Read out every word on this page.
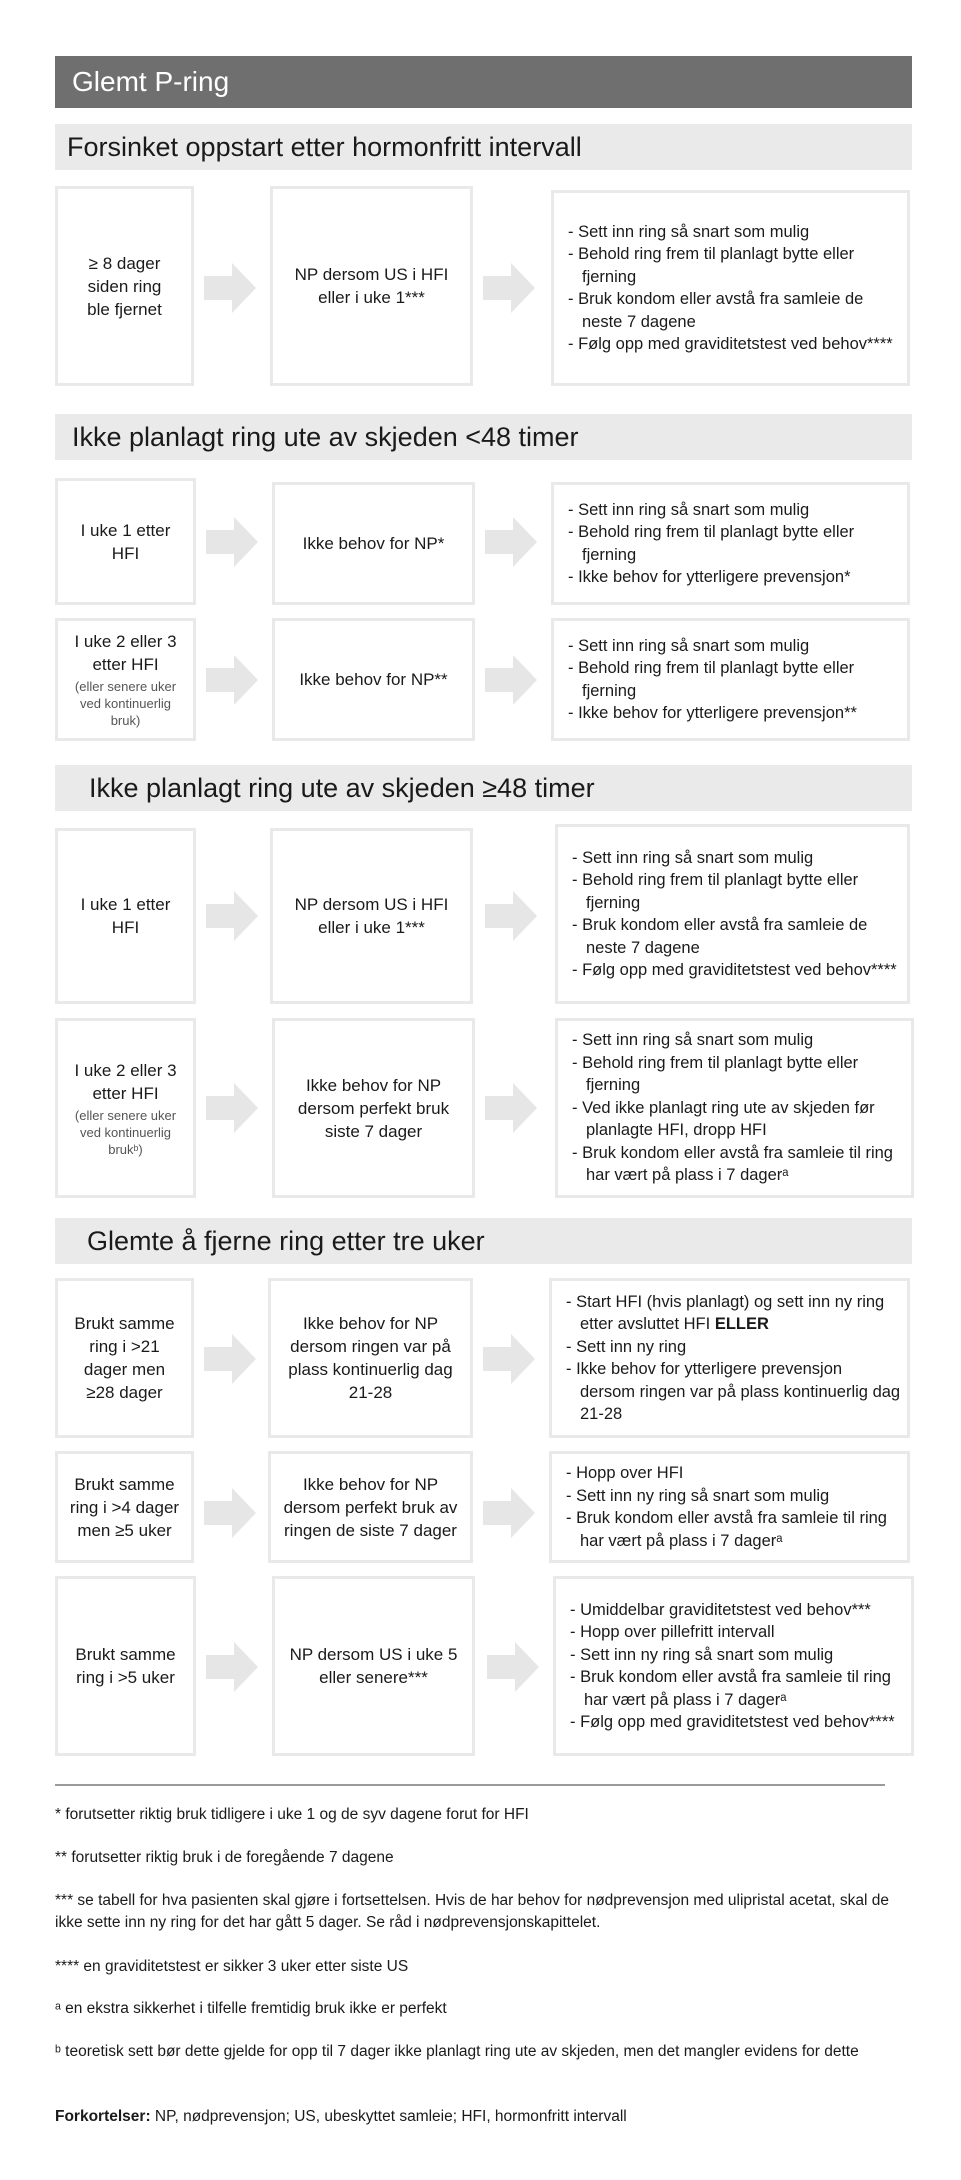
Glemt P-ring
Forsinket oppstart etter hormonfritt intervall
≥ 8 dager siden ring ble fjernet
NP dersom US i HFI eller i uke 1***
- Sett inn ring så snart som mulig
- Behold ring frem til planlagt bytte eller fjerning
- Bruk kondom eller avstå fra samleie de neste 7 dagene
- Følg opp med graviditetstest ved behov****
Ikke planlagt ring ute av skjeden <48 timer
I uke 1 etter HFI	Ikke behov for NP*
- Sett inn ring så snart som mulig
- Behold ring frem til planlagt bytte eller fjerning
- Ikke behov for ytterligere prevensjon*
I uke 2 eller 3 etter HFI
(eller senere uker ved kontinuerlig bruk)
Ikke behov for NP**
- Sett inn ring så snart som mulig
- Behold ring frem til planlagt bytte eller fjerning
- Ikke behov for ytterligere prevensjon**
Ikke planlagt ring ute av skjeden ≥48 timer
I uke 1 etter HFI
NP dersom US i HFI eller i uke 1***
- Sett inn ring så snart som mulig
- Behold ring frem til planlagt bytte eller fjerning
- Bruk kondom eller avstå fra samleie de neste 7 dagene
- Følg opp med graviditetstest ved behov****
I uke 2 eller 3 etter HFI
(eller senere uker ved kontinuerlig brukᵇ)
Ikke behov for NP dersom perfekt bruk siste 7 dager
- Sett inn ring så snart som mulig
- Behold ring frem til planlagt bytte eller fjerning
- Ved ikke planlagt ring ute av skjeden før planlagte HFI, dropp HFI
- Bruk kondom eller avstå fra samleie til ring har vært på plass i 7 dagerᵃ
Glemte å fjerne ring etter tre uker
Brukt samme ring i >21 dager men ≥28 dager
Ikke behov for NP dersom ringen var på plass kontinuerlig dag 21-28
- Start HFI (hvis planlagt) og sett inn ny ring etter avsluttet HFI ELLER
- Sett inn ny ring
- Ikke behov for ytterligere prevensjon dersom ringen var på plass kontinuerlig dag 21-28
Brukt samme ring i >4 dager men ≥5 uker
Ikke behov for NP dersom perfekt bruk av ringen de siste 7 dager
- Hopp over HFI
- Sett inn ny ring så snart som mulig
- Bruk kondom eller avstå fra samleie til ring har vært på plass i 7 dagerᵃ
Brukt samme ring i >5 uker
NP dersom US i uke 5 eller senere***
- Umiddelbar graviditetstest ved behov***
- Hopp over pillefritt intervall
- Sett inn ny ring så snart som mulig
- Bruk kondom eller avstå fra samleie til ring har vært på plass i 7 dagerᵃ
- Følg opp med graviditetstest ved behov****
* forutsetter riktig bruk tidligere i uke 1 og de syv dagene forut for HFI
** forutsetter riktig bruk i de foregående 7 dagene
*** se tabell for hva pasienten skal gjøre i fortsettelsen. Hvis de har behov for nødprevensjon med ulipristal acetat, skal de ikke sette inn ny ring for det har gått 5 dager. Se råd i nødprevensjonskapittelet.
**** en graviditetstest er sikker 3 uker etter siste US
ᵃ en ekstra sikkerhet i tilfelle fremtidig bruk ikke er perfekt
ᵇ teoretisk sett bør dette gjelde for opp til 7 dager ikke planlagt ring ute av skjeden, men det mangler evidens for dette
Forkortelser: NP, nødprevensjon; US, ubeskyttet samleie; HFI, hormonfritt intervall
